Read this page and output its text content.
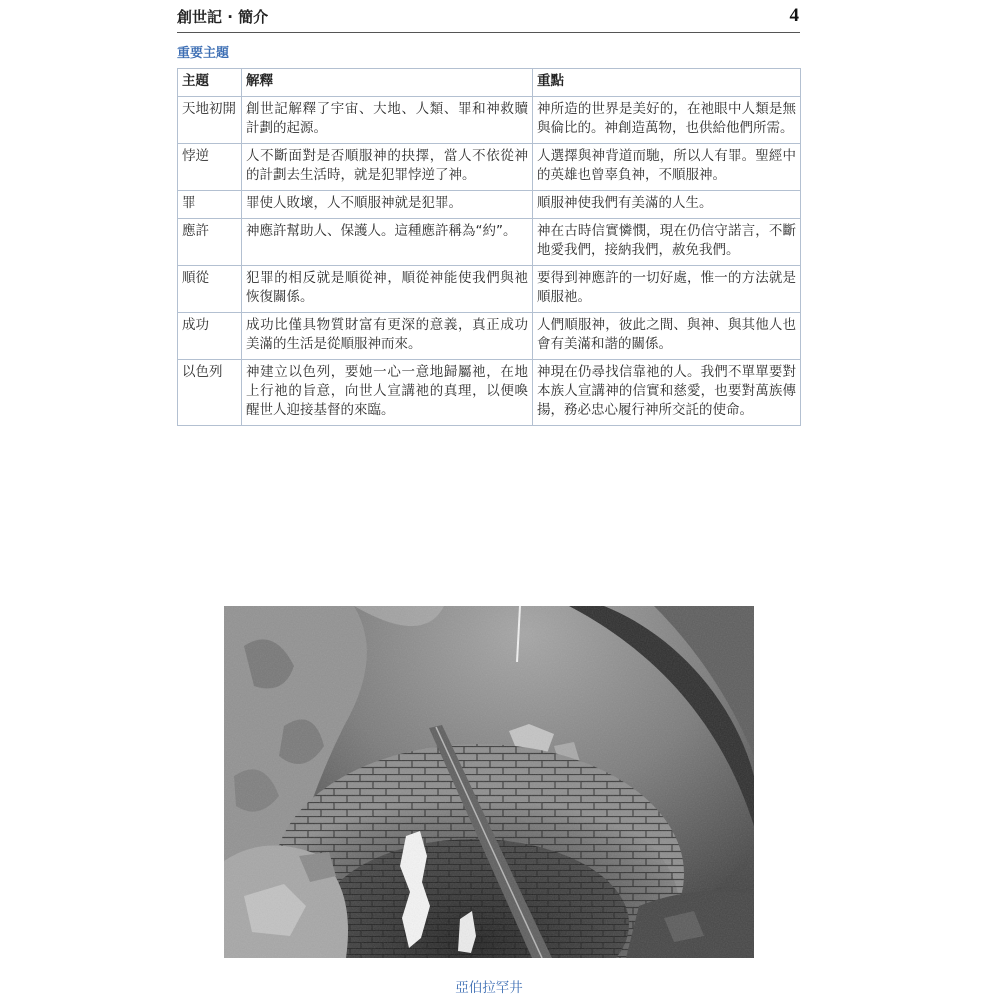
創世記 · 簡介	4
重要主題
主題	解釋	重點
天地初開	創世記解釋了宇宙、大地、人類、罪和神救贖計劃的起源。	神所造的世界是美好的，在祂眼中人類是無與倫比的。神創造萬物，也供給他們所需。
悖逆	人不斷面對是否順服神的抉擇，當人不依從神的計劃去生活時，就是犯罪悖逆了神。	人選擇與神背道而馳，所以人有罪。聖經中的英雄也曾辜負神，不順服神。
罪	罪使人敗壞，人不順服神就是犯罪。	順服神使我們有美滿的人生。
應許	神應許幫助人、保護人。這種應許稱為“約”。	神在古時信實憐憫，現在仍信守諾言，不斷地愛我們，接納我們，赦免我們。
順從	犯罪的相反就是順從神，順從神能使我們與祂恢復關係。	要得到神應許的一切好處，惟一的方法就是順服祂。
成功	成功比僅具物質財富有更深的意義，真正成功美滿的生活是從順服神而來。	人們順服神，彼此之間、與神、與其他人也會有美滿和諧的關係。
以色列	神建立以色列，要她一心一意地歸屬祂，在地上行祂的旨意，向世人宣講祂的真理，以便喚醒世人迎接基督的來臨。	神現在仍尋找信靠祂的人。我們不單單要對本族人宣講神的信實和慈愛，也要對萬族傳揚，務必忠心履行神所交託的使命。
亞伯拉罕井
